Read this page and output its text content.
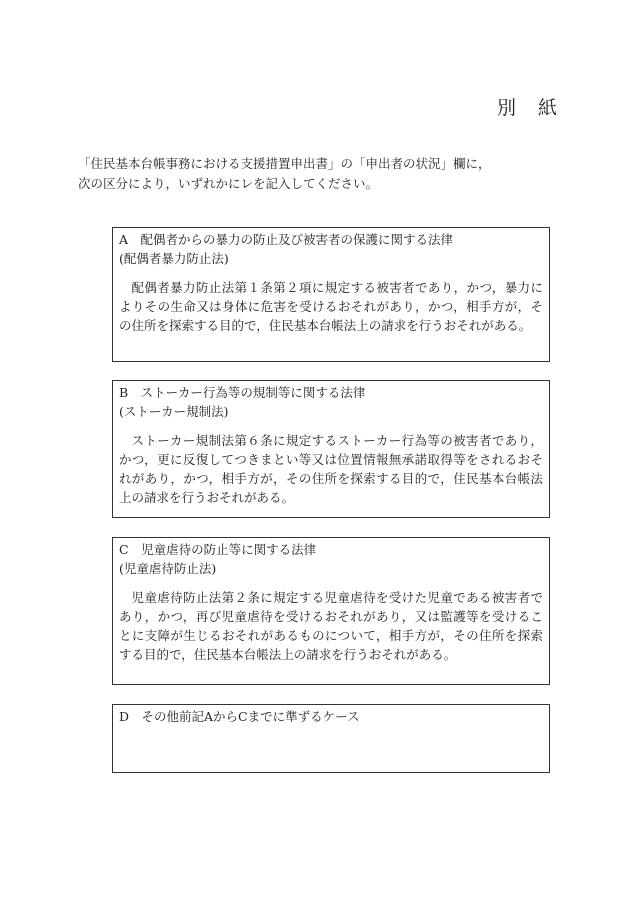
別 紙
「住民基本台帳事務における支援措置申出書」の「申出者の状況」欄に，
次の区分により，いずれかにレを記入してください。
A　配偶者からの暴力の防止及び被害者の保護に関する法律
(配偶者暴力防止法)
配偶者暴力防止法第１条第２項に規定する被害者であり，かつ，暴力によりその生命又は身体に危害を受けるおそれがあり，かつ，相手方が，その住所を探索する目的で，住民基本台帳法上の請求を行うおそれがある。
B　ストーカー行為等の規制等に関する法律
(ストーカー規制法)
ストーカー規制法第６条に規定するストーカー行為等の被害者であり，かつ，更に反復してつきまとい等又は位置情報無承諾取得等をされるおそれがあり，かつ，相手方が，その住所を探索する目的で，住民基本台帳法上の請求を行うおそれがある。
C　児童虐待の防止等に関する法律
(児童虐待防止法)
児童虐待防止法第２条に規定する児童虐待を受けた児童である被害者であり，かつ，再び児童虐待を受けるおそれがあり，又は監護等を受けることに支障が生じるおそれがあるものについて，相手方が，その住所を探索する目的で，住民基本台帳法上の請求を行うおそれがある。
D　その他前記AからCまでに準ずるケース
